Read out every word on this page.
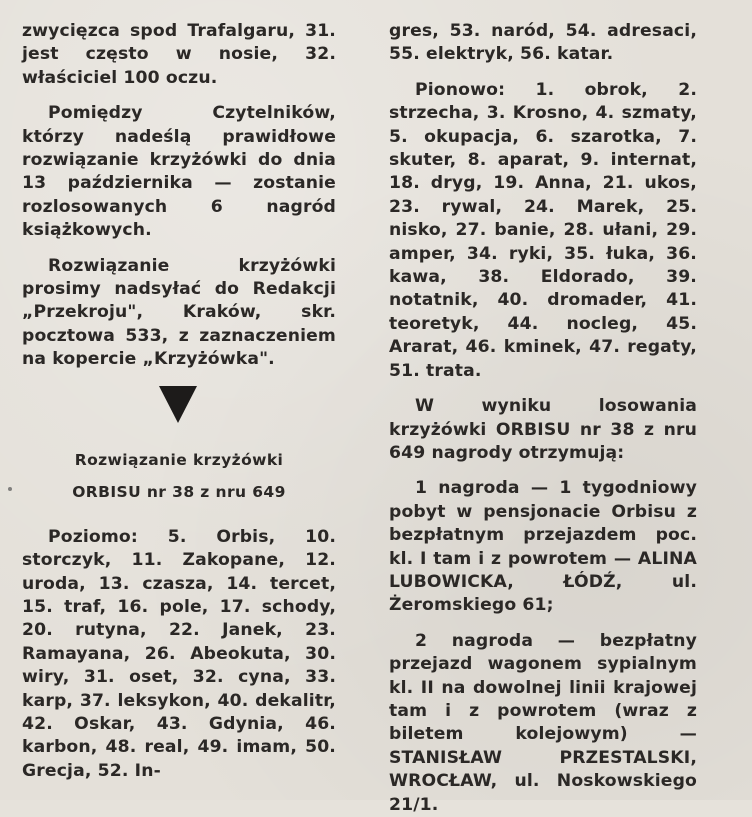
zwycięzca spod Trafalgaru, 31. jest często w nosie, 32. właściciel 100 oczu.

Pomiędzy Czytelników, którzy nadeślą prawidłowe rozwiązanie krzyżówki do dnia 13 października — zostanie rozlosowanych 6 nagród książkowych.

Rozwiązanie krzyżówki prosimy nadsyłać do Redakcji „Przekroju", Kraków, skr. pocztowa 533, z zaznaczeniem na kopercie „Krzyżówka".

Rozwiązanie krzyżówki

ORBISU nr 38 z nru 649

Poziomo: 5. Orbis, 10. storczyk, 11. Zakopane, 12. uroda, 13. czasza, 14. tercet, 15. traf, 16. pole, 17. schody, 20. rutyna, 22. Janek, 23. Ramayana, 26. Abeokuta, 30. wiry, 31. oset, 32. cyna, 33. karp, 37. leksykon, 40. dekalitr, 42. Oskar, 43. Gdynia, 46. karbon, 48. real, 49. imam, 50. Grecja, 52. In-

gres, 53. naród, 54. adresaci, 55. elektryk, 56. katar.

Pionowo: 1. obrok, 2. strzecha, 3. Krosno, 4. szmaty, 5. okupacja, 6. szarotka, 7. skuter, 8. aparat, 9. internat, 18. dryg, 19. Anna, 21. ukos, 23. rywal, 24. Marek, 25. nisko, 27. banie, 28. ułani, 29. amper, 34. ryki, 35. łuka, 36. kawa, 38. Eldorado, 39. notatnik, 40. dromader, 41. teoretyk, 44. nocleg, 45. Ararat, 46. kminek, 47. regaty, 51. trata.

W wyniku losowania krzyżówki ORBISU nr 38 z nru 649 nagrody otrzymują:

1 nagroda — 1 tygodniowy pobyt w pensjonacie Orbisu z bezpłatnym przejazdem poc. kl. I tam i z powrotem — ALINA LUBOWICKA, ŁÓDŹ, ul. Żeromskiego 61;

2 nagroda — bezpłatny przejazd wagonem sypialnym kl. II na dowolnej linii krajowej tam i z powrotem (wraz z biletem kolejowym) — STANISŁAW PRZESTALSKI, WROCŁAW, ul. Noskowskiego 21/1.
